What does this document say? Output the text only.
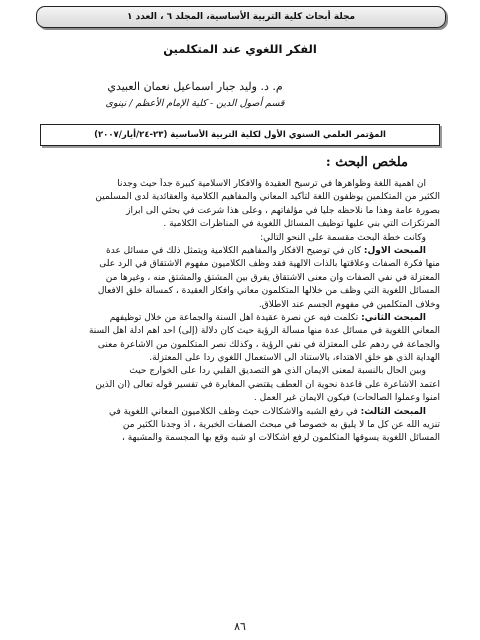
مجلة أبحاث كلية التربية الأساسية، المجلد ٦ ، العدد ١
الفكر اللغوي عند المتكلمين
م. د. وليد جبار اسماعيل نعمان العبيدي
قسم أصول الدين - كلية الإمام الأعظم / نينوى
المؤتمر العلمي السنوي الأول لكلية التربية الأساسية (٢٣-٢٤/أيار/٢٠٠٧)
ملخص البحث :
ان اهمية اللغة وظواهرها في ترسيخ العقيدة والافكار الاسلامية كبيرة جداً حيث وجدنا
الكثير من المتكلمين يوظفون اللغة لتأكيد المعاني والمفاهيم الكلامية والعقائدية لدى المسلمين
بصورة عامة وهذا ما نلاحظه جليا في مؤلفاتهم ، وعلى هذا شرعت في بحثي الى ابراز
المرتكزات التي بني عليها توظيف المسائل اللغوية في المناظرات الكلامية .
وكانت خطة البحث مقسمة على النحو التالي:
المبحث الاول: كان في توضيح الافكار والمفاهيم الكلامية ويتمثل ذلك في مسائل عدة
منها فكرة الصفات وعلاقتها بالذات الالهية فقد وظف الكلاميون مفهوم الاشتقاق في الرد على
المعتزلة في نفي الصفات وان معنى الاشتقاق يفرق بين المشتق والمشتق منه ، وغيرها من
المسائل اللغوية التي وظف من خلالها المتكلمون معاني وافكار العقيدة ، كمسألة خلق الافعال
وخلاف المتكلمين في مفهوم الجسم عند الاطلاق.
المبحث الثاني: تكلمت فيه عن نصرة عقيدة اهل السنة والجماعة من خلال توظيفهم
المعاني اللغوية في مسائل عدة منها مسألة الرؤية حيث كان دلالة (إلى) احد اهم ادلة اهل السنة
والجماعة في ردهم على المعتزلة في نفي الرؤية ، وكذلك نصر المتكلمون من الاشاعرة معنى
الهداية الذي هو خلق الاهتداء، بالاستناد الى الاستعمال اللغوي ردا على المعتزلة.
وبين الحال بالنسبة لمعنى الايمان الذي هو التصديق القلبي ردا على الخوارج حيث
اعتمد الاشاعرة على قاعدة نحوية ان العطف يقتضي المغايرة في تفسير قوله تعالى (ان الذين
امنوا وعملوا الصالحات) فيكون الايمان غير العمل .
المبحث الثالث: في رفع الشبه والاشكالات حيث وظف الكلاميون المعاني اللغوية في
تنزيه الله عن كل ما لا يليق به خصوصاً في مبحث الصفات الخبرية ، اذ وجدنا الكثير من
المسائل اللغوية يسوقها المتكلمون لرفع اشكالات او شبه وقع بها المجسمة والمشبهة ،
٨٦
